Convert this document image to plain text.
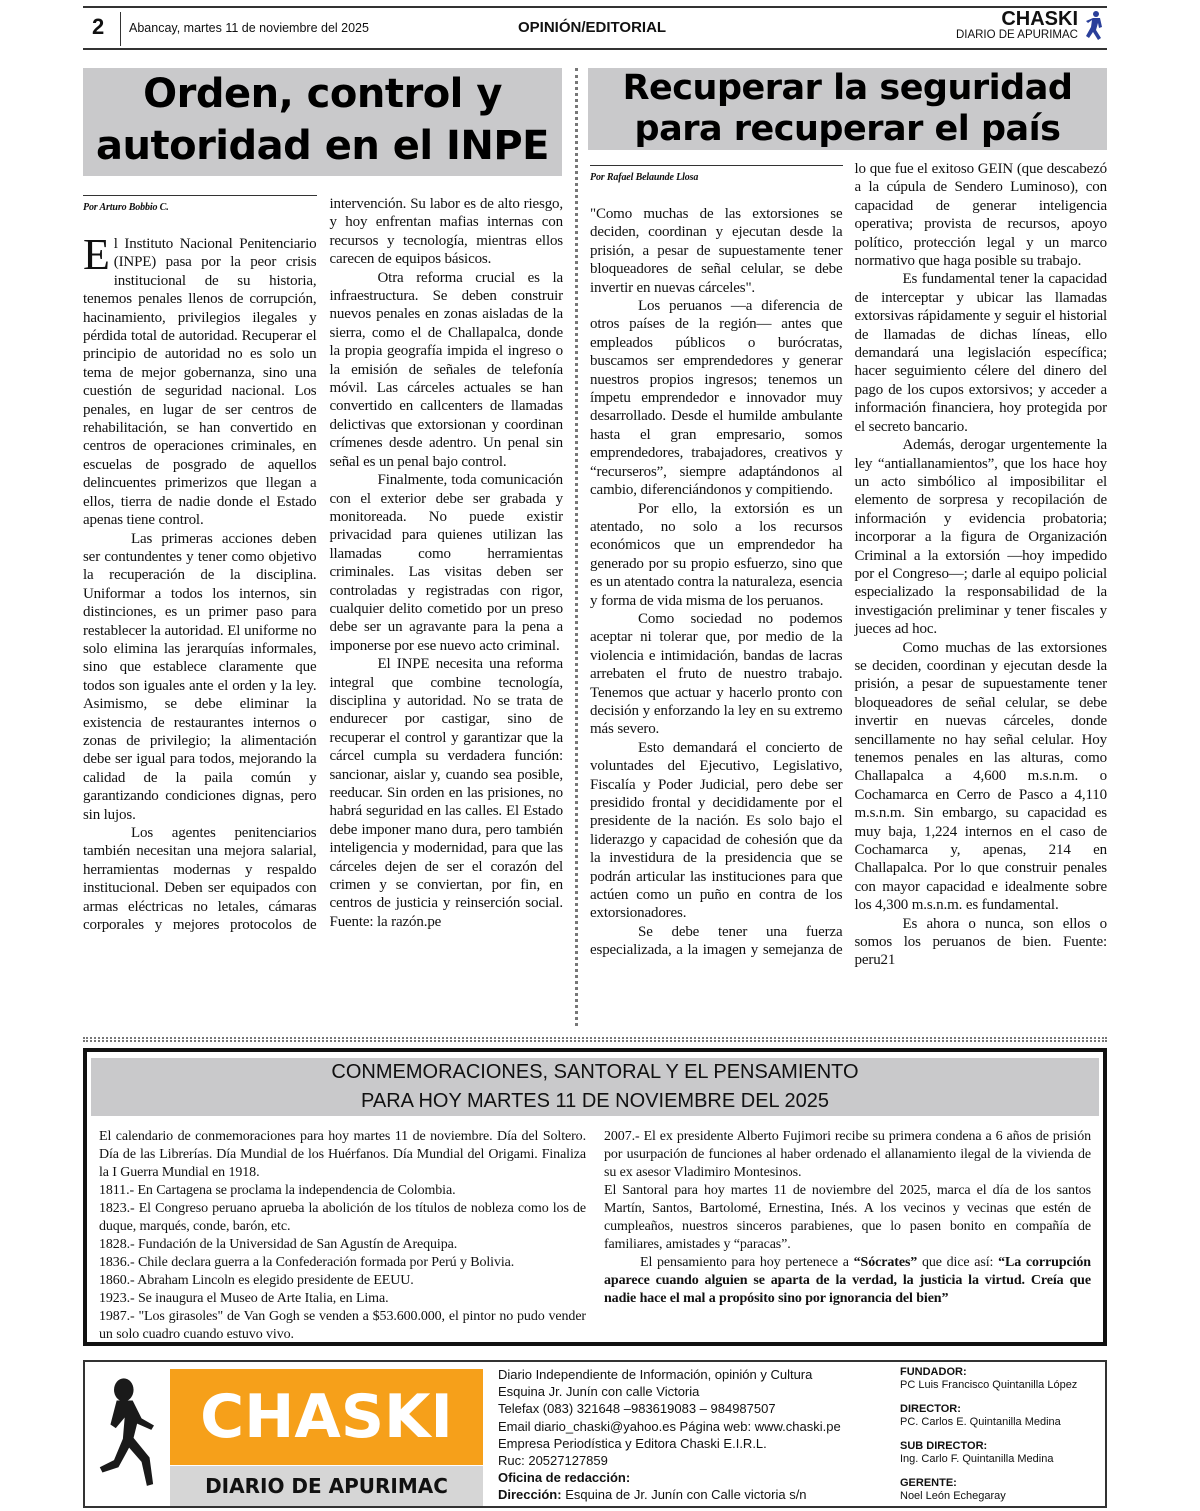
2 Abancay, martes 11 de noviembre del 2025	OPINIÓN/EDITORIAL	CHASKI
DIARIO DE APURIMAC
Orden, control y
autoridad en el INPE
Por Arturo Bobbio C.

El Instituto Nacional Penitenciario (INPE) pasa por la peor crisis institucional de su historia, tenemos penales llenos de corrupción, hacinamiento, privilegios ilegales y pérdida total de autoridad. Recuperar el principio de autoridad no es solo un tema de mejor gobernanza, sino una cuestión de seguridad nacional. Los penales, en lugar de ser centros de rehabilitación, se han convertido en centros de operaciones criminales, en escuelas de posgrado de aquellos delincuentes primerizos que llegan a ellos, tierra de nadie donde el Estado apenas tiene control.

Las primeras acciones deben ser contundentes y tener como objetivo la recuperación de la disciplina. Uniformar a todos los internos, sin distinciones, es un primer paso para restablecer la autoridad. El uniforme no solo elimina las jerarquías informales, sino que establece claramente que todos son iguales ante el orden y la ley. Asimismo, se debe eliminar la existencia de restaurantes internos o zonas de privilegio; la alimentación debe ser igual para todos, mejorando la calidad de la paila común y garantizando condiciones dignas, pero sin lujos.

Los agentes penitenciarios también necesitan una mejora salarial, herramientas modernas y respaldo institucional. Deben ser equipados con armas eléctricas no letales, cámaras corporales y mejores protocolos de intervención. Su labor es de alto riesgo, y hoy enfrentan mafias internas con recursos y tecnología, mientras ellos carecen de equipos básicos.

Otra reforma crucial es la infraestructura. Se deben construir nuevos penales en zonas aisladas de la sierra, como el de Challapalca, donde la propia geografía impida el ingreso o la emisión de señales de telefonía móvil. Las cárceles actuales se han convertido en callcenters de llamadas delictivas que extorsionan y coordinan crímenes desde adentro. Un penal sin señal es un penal bajo control.

Finalmente, toda comunicación con el exterior debe ser grabada y monitoreada. No puede existir privacidad para quienes utilizan las llamadas como herramientas criminales. Las visitas deben ser controladas y registradas con rigor, cualquier delito cometido por un preso debe ser un agravante para la pena a imponerse por ese nuevo acto criminal.

El INPE necesita una reforma integral que combine tecnología, disciplina y autoridad. No se trata de endurecer por castigar, sino de recuperar el control y garantizar que la cárcel cumpla su verdadera función: sancionar, aislar y, cuando sea posible, reeducar. Sin orden en las prisiones, no habrá seguridad en las calles. El Estado debe imponer mano dura, pero también inteligencia y modernidad, para que las cárceles dejen de ser el corazón del crimen y se conviertan, por fin, en centros de justicia y reinserción social. Fuente: la razón.pe

Recuperar la seguridad
para recuperar el país
Por Rafael Belaunde Llosa

"Como muchas de las extorsiones se deciden, coordinan y ejecutan desde la prisión, a pesar de supuestamente tener bloqueadores de señal celular, se debe invertir en nuevas cárceles".

Los peruanos —a diferencia de otros países de la región— antes que empleados públicos o burócratas, buscamos ser emprendedores y generar nuestros propios ingresos; tenemos un ímpetu emprendedor e innovador muy desarrollado. Desde el humilde ambulante hasta el gran empresario, somos emprendedores, trabajadores, creativos y “recurseros”, siempre adaptándonos al cambio, diferenciándonos y compitiendo.

Por ello, la extorsión es un atentado, no solo a los recursos económicos que un emprendedor ha generado por su propio esfuerzo, sino que es un atentado contra la naturaleza, esencia y forma de vida misma de los peruanos.

Como sociedad no podemos aceptar ni tolerar que, por medio de la violencia e intimidación, bandas de lacras arrebaten el fruto de nuestro trabajo. Tenemos que actuar y hacerlo pronto con decisión y enforzando la ley en su extremo más severo.

Esto demandará el concierto de voluntades del Ejecutivo, Legislativo, Fiscalía y Poder Judicial, pero debe ser presidido frontal y decididamente por el presidente de la nación. Es solo bajo el liderazgo y capacidad de cohesión que da la investidura de la presidencia que se podrán articular las instituciones para que actúen como un puño en contra de los extorsionadores.

Se debe tener una fuerza especializada, a la imagen y semejanza de lo que fue el exitoso GEIN (que descabezó a la cúpula de Sendero Luminoso), con capacidad de generar inteligencia operativa; provista de recursos, apoyo político, protección legal y un marco normativo que haga posible su trabajo.

Es fundamental tener la capacidad de interceptar y ubicar las llamadas extorsivas rápidamente y seguir el historial de llamadas de dichas líneas, ello demandará una legislación específica; hacer seguimiento célere del dinero del pago de los cupos extorsivos; y acceder a información financiera, hoy protegida por el secreto bancario.

Además, derogar urgentemente la ley “antiallanamientos”, que los hace hoy un acto simbólico al imposibilitar el elemento de sorpresa y recopilación de información y evidencia probatoria; incorporar a la figura de Organización Criminal a la extorsión —hoy impedido por el Congreso—; darle al equipo policial especializado la responsabilidad de la investigación preliminar y tener fiscales y jueces ad hoc.

Como muchas de las extorsiones se deciden, coordinan y ejecutan desde la prisión, a pesar de supuestamente tener bloqueadores de señal celular, se debe invertir en nuevas cárceles, donde sencillamente no hay señal celular. Hoy tenemos penales en las alturas, como Challapalca a 4,600 m.s.n.m. o Cochamarca en Cerro de Pasco a 4,110 m.s.n.m. Sin embargo, su capacidad es muy baja, 1,224 internos en el caso de Cochamarca y, apenas, 214 en Challapalca. Por lo que construir penales con mayor capacidad e idealmente sobre los 4,300 m.s.n.m. es fundamental.

Es ahora o nunca, son ellos o somos los peruanos de bien. Fuente: peru21

CONMEMORACIONES, SANTORAL Y EL PENSAMIENTO
PARA HOY MARTES 11 DE NOVIEMBRE DEL 2025

El calendario de conmemoraciones para hoy martes 11 de noviembre. Día del Soltero. Día de las Librerías. Día Mundial de los Huérfanos. Día Mundial del Origami. Finaliza la I Guerra Mundial en 1918.

1811.- En Cartagena se proclama la independencia de Colombia.

1823.- El Congreso peruano aprueba la abolición de los títulos de nobleza como los de duque, marqués, conde, barón, etc.

1828.- Fundación de la Universidad de San Agustín de Arequipa.

1836.- Chile declara guerra a la Confederación formada por Perú y Bolivia.

1860.- Abraham Lincoln es elegido presidente de EEUU.

1923.- Se inaugura el Museo de Arte Italia, en Lima.

1987.- "Los girasoles" de Van Gogh se venden a $53.600.000, el pintor no pudo vender un solo cuadro cuando estuvo vivo.

2007.- El ex presidente Alberto Fujimori recibe su primera condena a 6 años de prisión por usurpación de funciones al haber ordenado el allanamiento ilegal de la vivienda de su ex asesor Vladimiro Montesinos.

El Santoral para hoy martes 11 de noviembre del 2025, marca el día de los santos Martín, Santos, Bartolomé, Ernestina, Inés. A los vecinos y vecinas que estén de cumpleaños, nuestros sinceros parabienes, que lo pasen bonito en compañía de familiares, amistades y “paracas”.

El pensamiento para hoy pertenece a “Sócrates” que dice así: “La corrupción aparece cuando alguien se aparta de la verdad, la justicia la virtud. Creía que nadie hace el mal a propósito sino por ignorancia del bien”

CHASKI
DIARIO DE APURIMAC
Diario Independiente de Información, opinión y Cultura
Esquina Jr. Junín con calle Victoria
Telefax (083) 321648 –983619083 – 984987507
Email diario_chaski@yahoo.es Página web: www.chaski.pe
Empresa Periodística y Editora Chaski E.I.R.L.
Ruc: 20527127859
Oficina de redacción:
Dirección: Esquina de Jr. Junín con Calle victoria s/n
FUNDADOR:
PC Luis Francisco Quintanilla López
DIRECTOR:
PC. Carlos E. Quintanilla Medina
SUB DIRECTOR:
Ing. Carlo F. Quintanilla Medina
GERENTE:
Noel León Echegaray
